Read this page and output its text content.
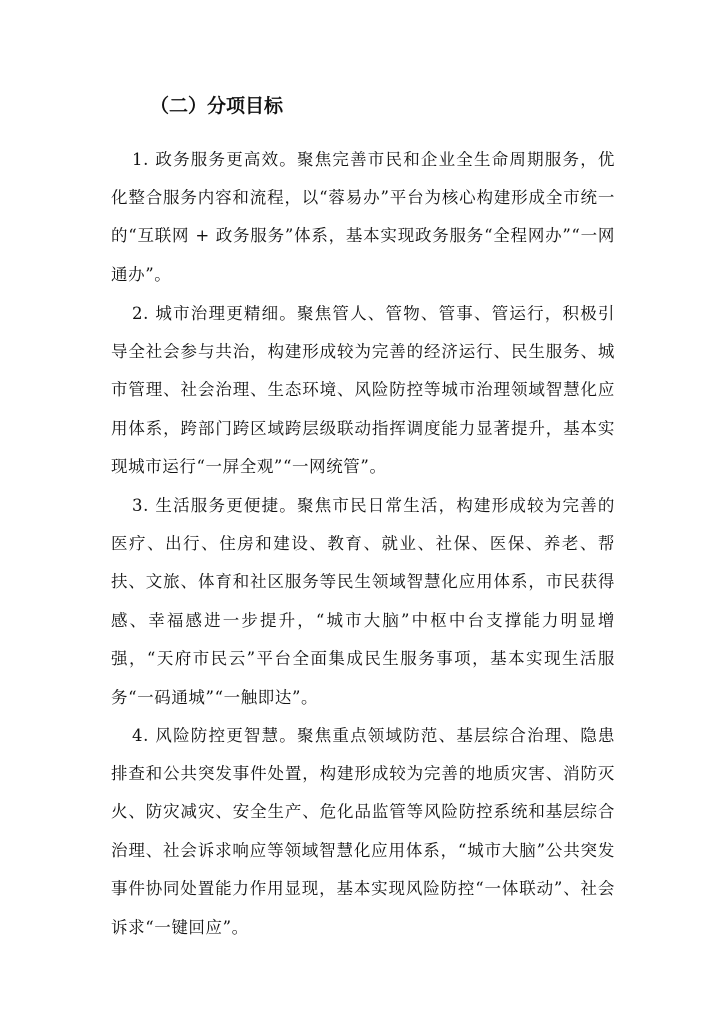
（二）分项目标

1. 政务服务更高效。聚焦完善市民和企业全生命周期服务，优化整合服务内容和流程，以“蓉易办”平台为核心构建形成全市统一的“互联网 + 政务服务”体系，基本实现政务服务“全程网办”“一网通办”。

2. 城市治理更精细。聚焦管人、管物、管事、管运行，积极引导全社会参与共治，构建形成较为完善的经济运行、民生服务、城市管理、社会治理、生态环境、风险防控等城市治理领域智慧化应用体系，跨部门跨区域跨层级联动指挥调度能力显著提升，基本实现城市运行“一屏全观”“一网统管”。

3. 生活服务更便捷。聚焦市民日常生活，构建形成较为完善的医疗、出行、住房和建设、教育、就业、社保、医保、养老、帮扶、文旅、体育和社区服务等民生领域智慧化应用体系，市民获得感、幸福感进一步提升，“城市大脑”中枢中台支撑能力明显增强，“天府市民云”平台全面集成民生服务事项，基本实现生活服务“一码通城”“一触即达”。

4. 风险防控更智慧。聚焦重点领域防范、基层综合治理、隐患排查和公共突发事件处置，构建形成较为完善的地质灾害、消防灭火、防灾减灾、安全生产、危化品监管等风险防控系统和基层综合治理、社会诉求响应等领域智慧化应用体系，“城市大脑”公共突发事件协同处置能力作用显现，基本实现风险防控“一体联动”、社会诉求“一键回应”。
